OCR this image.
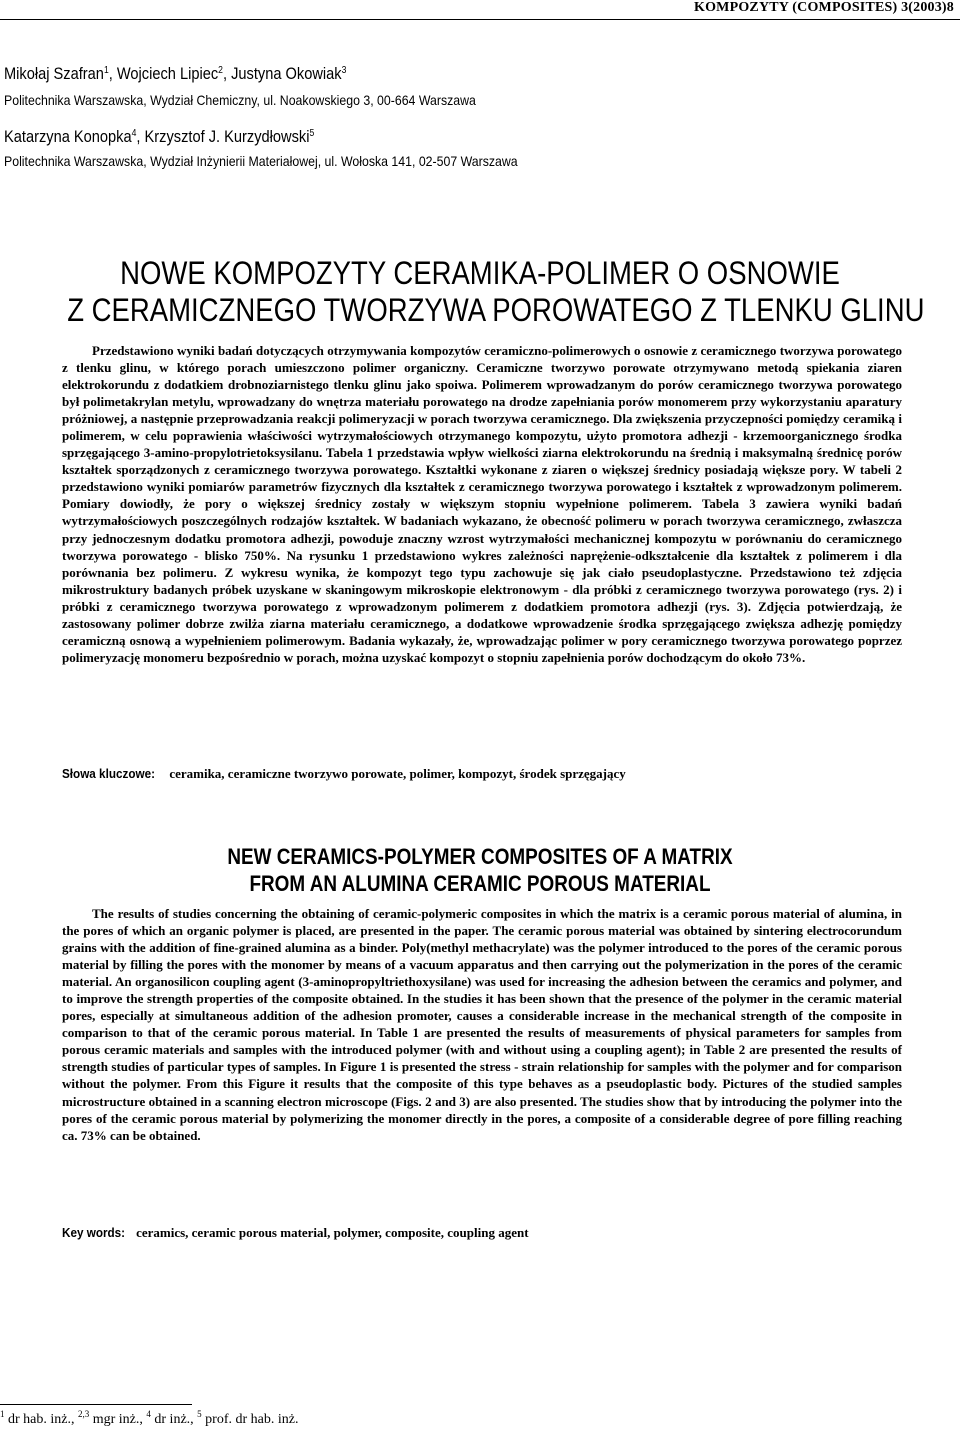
KOMPOZYTY (COMPOSITES) 3(2003)8
Mikołaj Szafran$^1$, Wojciech Lipiec$^2$, Justyna Okowiak$^3$
Politechnika Warszawska, Wydział Chemiczny, ul. Noakowskiego 3, 00-664 Warszawa
Katarzyna Konopka$^4$, Krzysztof J. Kurzydłowski$^5$
Politechnika Warszawska, Wydział Inżynierii Materiałowej, ul. Wołoska 141, 02-507 Warszawa
NOWE KOMPOZYTY CERAMIKA-POLIMER O OSNOWIE
Z CERAMICZNEGO TWORZYWA POROWATEGO Z TLENKU GLINU
Przedstawiono wyniki badań dotyczących otrzymywania kompozytów ceramiczno-polimerowych o osnowie z ceramicznego tworzywa porowatego z tlenku glinu, w którego porach umieszczono polimer organiczny. Ceramiczne tworzywo porowate otrzymywano metodą spiekania ziaren elektrokorundu z dodatkiem drobnoziarnistego tlenku glinu jako spoiwa. Polimerem wprowadzanym do porów ceramicznego tworzywa porowatego był polimetakrylan metylu, wprowadzany do wnętrza materiału porowatego na drodze zapełniania porów monomerem przy wykorzystaniu aparatury próżniowej, a następnie przeprowadzania reakcji polimeryzacji w porach tworzywa ceramicznego. Dla zwiększenia przyczepności pomiędzy ceramiką i polimerem, w celu poprawienia właściwości wytrzymałościowych otrzymanego kompozytu, użyto promotora adhezji - krzemoorganicznego środka sprzęgającego 3-amino-propylotrietoksysilanu. Tabela 1 przedstawia wpływ wielkości ziarna elektrokorundu na średnią i maksymalną średnicę porów kształtek sporządzonych z ceramicznego tworzywa porowatego. Kształtki wykonane z ziaren o większej średnicy posiadają większe pory. W tabeli 2 przedstawiono wyniki pomiarów parametrów fizycznych dla kształtek z ceramicznego tworzywa porowatego i kształtek z wprowadzonym polimerem. Pomiary dowiodły, że pory o większej średnicy zostały w większym stopniu wypełnione polimerem. Tabela 3 zawiera wyniki badań wytrzymałościowych poszczególnych rodzajów kształtek. W badaniach wykazano, że obecność polimeru w porach tworzywa ceramicznego, zwłaszcza przy jednoczesnym dodatku promotora adhezji, powoduje znaczny wzrost wytrzymałości mechanicznej kompozytu w porównaniu do ceramicznego tworzywa porowatego - blisko 750%. Na rysunku 1 przedstawiono wykres zależności naprężenie-odkształcenie dla kształtek z polimerem i dla porównania bez polimeru. Z wykresu wynika, że kompozyt tego typu zachowuje się jak ciało pseudoplastyczne. Przedstawiono też zdjęcia mikrostruktury badanych próbek uzyskane w skaningowym mikroskopie elektronowym - dla próbki z ceramicznego tworzywa porowatego (rys. 2) i próbki z ceramicznego tworzywa porowatego z wprowadzonym polimerem z dodatkiem promotora adhezji (rys. 3). Zdjęcia potwierdzają, że zastosowany polimer dobrze zwilża ziarna materiału ceramicznego, a dodatkowe wprowadzenie środka sprzęgającego zwiększa adhezję pomiędzy ceramiczną osnową a wypełnieniem polimerowym. Badania wykazały, że, wprowadzając polimer w pory ceramicznego tworzywa porowatego poprzez polimeryzację monomeru bezpośrednio w porach, można uzyskać kompozyt o stopniu zapełnienia porów dochodzącym do około 73%.
Słowa kluczowe: ceramika, ceramiczne tworzywo porowate, polimer, kompozyt, środek sprzęgający
NEW CERAMICS-POLYMER COMPOSITES OF A MATRIX
FROM AN ALUMINA CERAMIC POROUS MATERIAL
The results of studies concerning the obtaining of ceramic-polymeric composites in which the matrix is a ceramic porous material of alumina, in the pores of which an organic polymer is placed, are presented in the paper. The ceramic porous material was obtained by sintering electrocorundum grains with the addition of fine-grained alumina as a binder. Poly(methyl methacrylate) was the polymer introduced to the pores of the ceramic porous material by filling the pores with the monomer by means of a vacuum apparatus and then carrying out the polymerization in the pores of the ceramic material. An organosilicon coupling agent (3-aminopropyltriethoxysilane) was used for increasing the adhesion between the ceramics and polymer, and to improve the strength properties of the composite obtained. In the studies it has been shown that the presence of the polymer in the ceramic material pores, especially at simultaneous addition of the adhesion promoter, causes a considerable increase in the mechanical strength of the composite in comparison to that of the ceramic porous material. In Table 1 are presented the results of measurements of physical parameters for samples from porous ceramic materials and samples with the introduced polymer (with and without using a coupling agent); in Table 2 are presented the results of strength studies of particular types of samples. In Figure 1 is presented the stress - strain relationship for samples with the polymer and for comparison without the polymer. From this Figure it results that the composite of this type behaves as a pseudoplastic body. Pictures of the studied samples microstructure obtained in a scanning electron microscope (Figs. 2 and 3) are also presented. The studies show that by introducing the polymer into the pores of the ceramic porous material by polymerizing the monomer directly in the pores, a composite of a considerable degree of pore filling reaching ca. 73% can be obtained.
Key words: ceramics, ceramic porous material, polymer, composite, coupling agent
$^1$ dr hab. inż., $^{2,3}$ mgr inż., $^4$ dr inż., $^5$ prof. dr hab. inż.
